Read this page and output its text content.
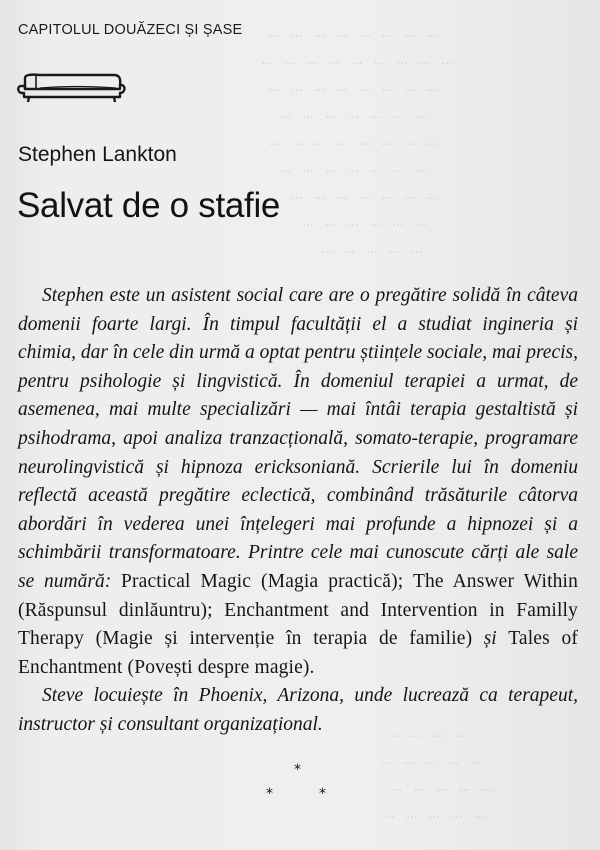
...   ...   ...   ...   ...   ...   ...   ...
...   ...   ...   ...   ...   ...   ...   ...   ...
...   ...   ...   ...   ...   ...   ...   ...
...   ...   ...   ...   ...   ...   ...
...   ...   ...   ...   ...   ...   ...   ...
...   ...   ...   ...   ...   ...   ...
...   ...   ...   ...   ...   ...   ...
...   ...   ...   ...   ...   ...
...   ...   ...   ...   ...
...   ...   ...   ...
...   ...   ...   ...   ...
...   ...   ...   ...   ...
...   ...   ...   ...   ...
CAPITOLUL DOUĂZECI ȘI ȘASE
Stephen Lankton
Salvat de o stafie

Stephen este un asistent social care are o pregătire solidă în câteva domenii foarte largi. În timpul facultății el a studiat ingineria și chimia, dar în cele din urmă a optat pentru științele sociale, mai precis, pentru psihologie și lingvistică. În domeniul terapiei a urmat, de asemenea, mai multe specializări — mai întâi terapia gestaltistă și psihodrama, apoi analiza tranzacțională, somato-terapie, programare neurolingvistică și hipnoza ericksoniană. Scrierile lui în domeniu reflectă această pregătire eclectică, combinând trăsăturile câtorva abordări în vederea unei înțelegeri mai profunde a hipnozei și a schimbării transformatoare. Printre cele mai cunoscute cărți ale sale se numără: Practical Magic (Magia practică); The Answer Within (Răspunsul dinlăuntru); Enchantment and Intervention in Familly Therapy (Magie și intervenție în terapia de familie) și Tales of Enchantment (Povești despre magie).

Steve locuiește în Phoenix, Arizona, unde lucrează ca terapeut, instructor și consultant organizațional.

*
*	*
